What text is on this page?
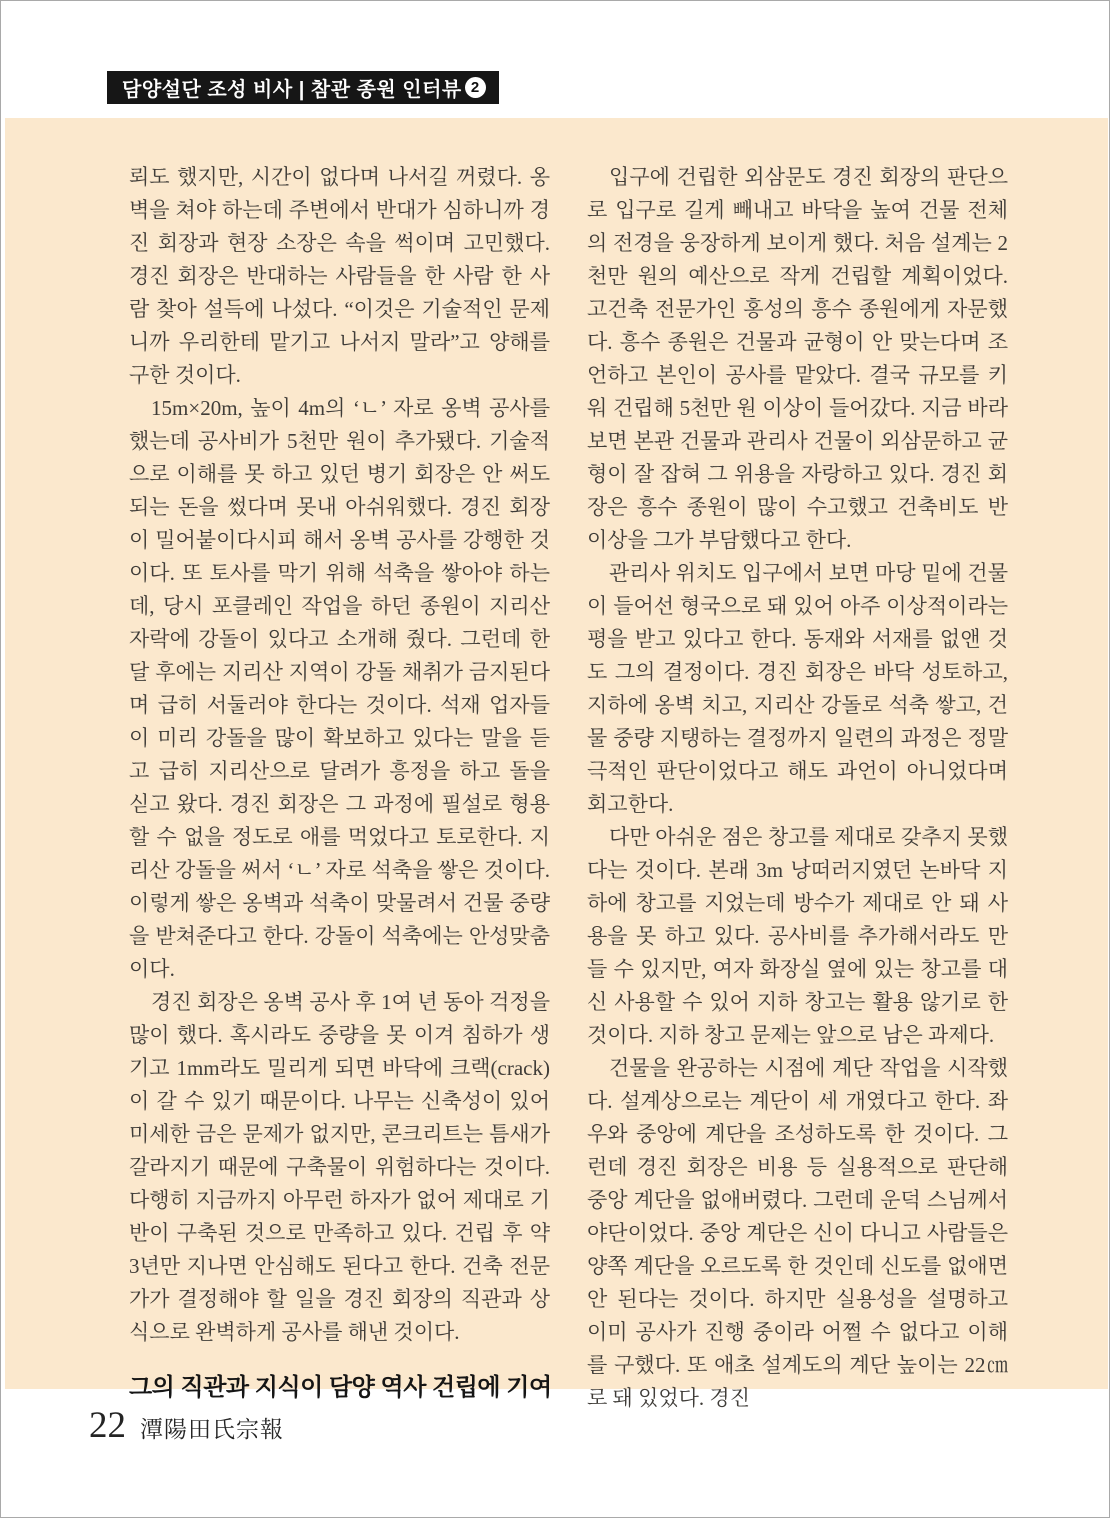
담양설단 조성 비사 | 참관 종원 인터뷰 2

뢰도 했지만, 시간이 없다며 나서길 꺼렸다. 옹벽을 쳐야 하는데 주변에서 반대가 심하니까 경진 회장과 현장 소장은 속을 썩이며 고민했다. 경진 회장은 반대하는 사람들을 한 사람 한 사람 찾아 설득에 나섰다. “이것은 기술적인 문제니까 우리한테 맡기고 나서지 말라”고 양해를 구한 것이다.

15m×20m, 높이 4m의 ‘ㄴ’ 자로 옹벽 공사를 했는데 공사비가 5천만 원이 추가됐다. 기술적으로 이해를 못 하고 있던 병기 회장은 안 써도 되는 돈을 썼다며 못내 아쉬워했다. 경진 회장이 밀어붙이다시피 해서 옹벽 공사를 강행한 것이다. 또 토사를 막기 위해 석축을 쌓아야 하는데, 당시 포클레인 작업을 하던 종원이 지리산 자락에 강돌이 있다고 소개해 줬다. 그런데 한 달 후에는 지리산 지역이 강돌 채취가 금지된다며 급히 서둘러야 한다는 것이다. 석재 업자들이 미리 강돌을 많이 확보하고 있다는 말을 듣고 급히 지리산으로 달려가 흥정을 하고 돌을 싣고 왔다. 경진 회장은 그 과정에 필설로 형용할 수 없을 정도로 애를 먹었다고 토로한다. 지리산 강돌을 써서 ‘ㄴ’ 자로 석축을 쌓은 것이다. 이렇게 쌓은 옹벽과 석축이 맞물려서 건물 중량을 받쳐준다고 한다. 강돌이 석축에는 안성맞춤이다.

경진 회장은 옹벽 공사 후 1여 년 동아 걱정을 많이 했다. 혹시라도 중량을 못 이겨 침하가 생기고 1mm라도 밀리게 되면 바닥에 크랙(crack)이 갈 수 있기 때문이다. 나무는 신축성이 있어 미세한 금은 문제가 없지만, 콘크리트는 틈새가 갈라지기 때문에 구축물이 위험하다는 것이다. 다행히 지금까지 아무런 하자가 없어 제대로 기반이 구축된 것으로 만족하고 있다. 건립 후 약 3년만 지나면 안심해도 된다고 한다. 건축 전문가가 결정해야 할 일을 경진 회장의 직관과 상식으로 완벽하게 공사를 해낸 것이다.

그의 직관과 지식이 담양 역사 건립에 기여

입구에 건립한 외삼문도 경진 회장의 판단으로 입구로 길게 빼내고 바닥을 높여 건물 전체의 전경을 웅장하게 보이게 했다. 처음 설계는 2천만 원의 예산으로 작게 건립할 계획이었다. 고건축 전문가인 홍성의 흥수 종원에게 자문했다. 흥수 종원은 건물과 균형이 안 맞는다며 조언하고 본인이 공사를 맡았다. 결국 규모를 키워 건립해 5천만 원 이상이 들어갔다. 지금 바라보면 본관 건물과 관리사 건물이 외삼문하고 균형이 잘 잡혀 그 위용을 자랑하고 있다. 경진 회장은 흥수 종원이 많이 수고했고 건축비도 반 이상을 그가 부담했다고 한다.

관리사 위치도 입구에서 보면 마당 밑에 건물이 들어선 형국으로 돼 있어 아주 이상적이라는 평을 받고 있다고 한다. 동재와 서재를 없앤 것도 그의 결정이다. 경진 회장은 바닥 성토하고, 지하에 옹벽 치고, 지리산 강돌로 석축 쌓고, 건물 중량 지탱하는 결정까지 일련의 과정은 정말 극적인 판단이었다고 해도 과언이 아니었다며 회고한다.

다만 아쉬운 점은 창고를 제대로 갖추지 못했다는 것이다. 본래 3m 낭떠러지였던 논바닥 지하에 창고를 지었는데 방수가 제대로 안 돼 사용을 못 하고 있다. 공사비를 추가해서라도 만들 수 있지만, 여자 화장실 옆에 있는 창고를 대신 사용할 수 있어 지하 창고는 활용 않기로 한 것이다. 지하 창고 문제는 앞으로 남은 과제다.

건물을 완공하는 시점에 계단 작업을 시작했다. 설계상으로는 계단이 세 개였다고 한다. 좌우와 중앙에 계단을 조성하도록 한 것이다. 그런데 경진 회장은 비용 등 실용적으로 판단해 중앙 계단을 없애버렸다. 그런데 운덕 스님께서 야단이었다. 중앙 계단은 신이 다니고 사람들은 양쪽 계단을 오르도록 한 것인데 신도를 없애면 안 된다는 것이다. 하지만 실용성을 설명하고 이미 공사가 진행 중이라 어쩔 수 없다고 이해를 구했다. 또 애초 설계도의 계단 높이는 22㎝로 돼 있었다. 경진

22 潭陽田氏宗報
